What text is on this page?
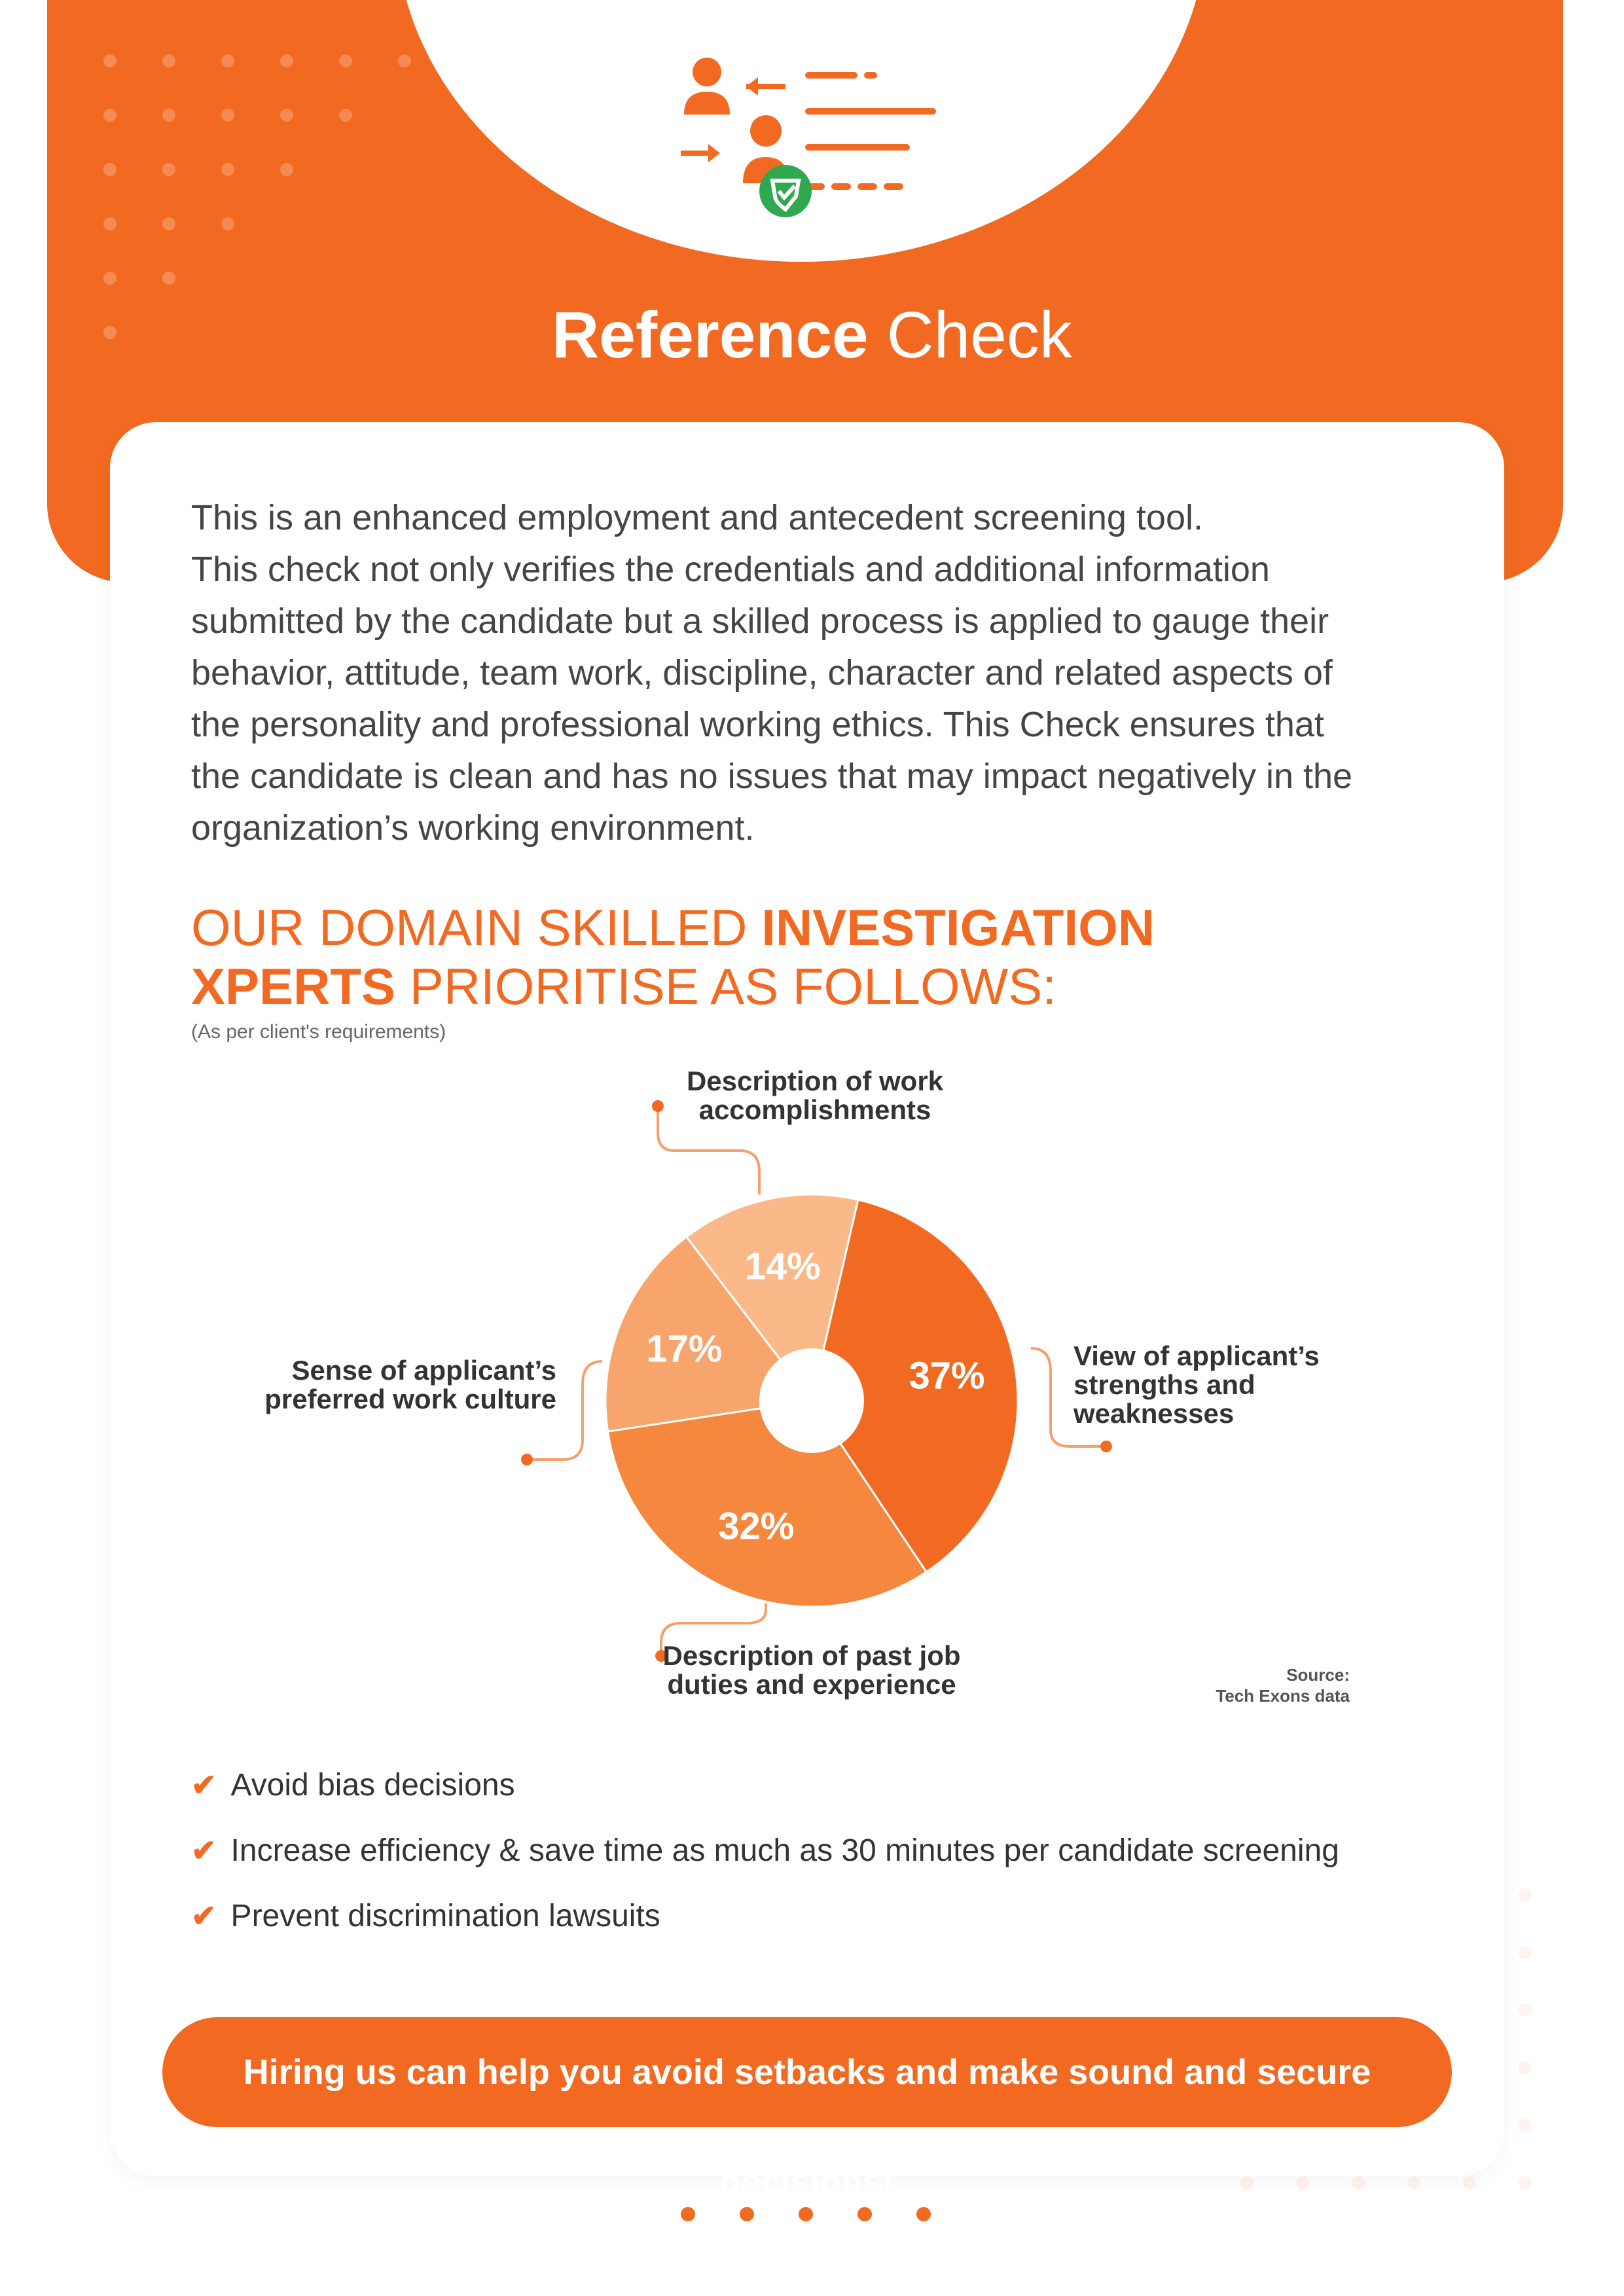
Reference Check

This is an enhanced employment and antecedent screening tool.
This check not only verifies the credentials and additional information
submitted by the candidate but a skilled process is applied to gauge their
behavior, attitude, team work, discipline, character and related aspects of
the personality and professional working ethics. This Check ensures that
the candidate is clean and has no issues that may impact negatively in the
organization’s working environment.

OUR DOMAIN SKILLED INVESTIGATION
XPERTS PRIORITISE AS FOLLOWS:
(As per client's requirements)
37%
32%
17%
14%
View of applicant’s strengths and weaknesses
Description of past job duties and experience
Sense of applicant’s preferred work culture
Description of work accomplishments
Source:
Tech Exons data
✔ Avoid bias decisions
✔ Increase efficiency & save time as much as 30 minutes per candidate screening
✔ Prevent discrimination lawsuits
Hiring us can help you avoid setbacks and make sound and secure decisions!
